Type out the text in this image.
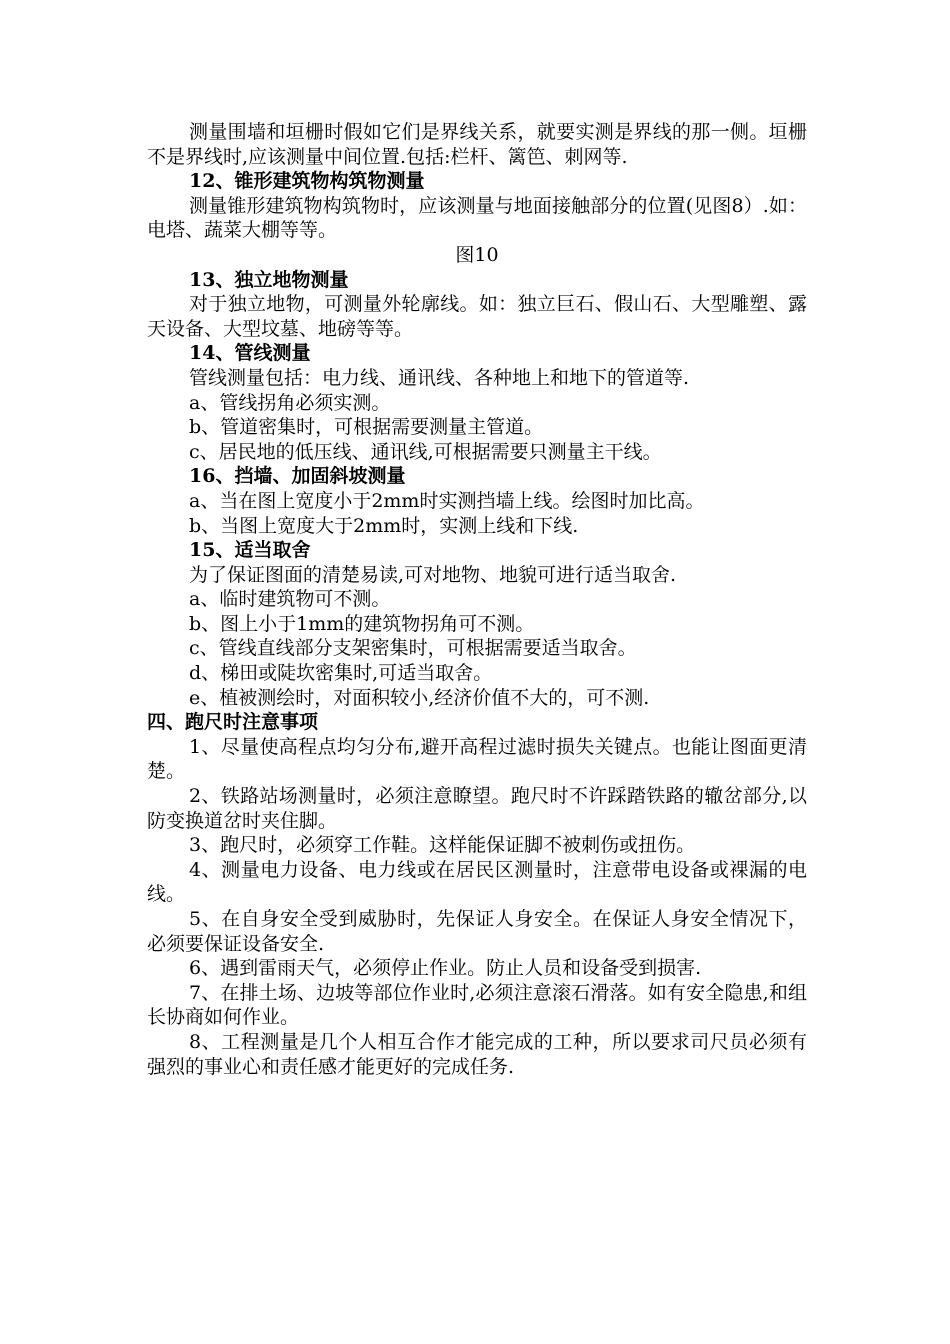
测量围墙和垣栅时假如它们是界线关系，就要实测是界线的那一侧。垣栅不是界线时,应该测量中间位置.包括:栏杆、篱笆、刺网等.

12、锥形建筑物构筑物测量

测量锥形建筑物构筑物时，应该测量与地面接触部分的位置(见图8）.如：电塔、蔬菜大棚等等。

图10

13、独立地物测量

对于独立地物，可测量外轮廓线。如：独立巨石、假山石、大型雕塑、露天设备、大型坟墓、地磅等等。

14、管线测量

管线测量包括：电力线、通讯线、各种地上和地下的管道等.

a、管线拐角必须实测。

b、管道密集时，可根据需要测量主管道。

c、居民地的低压线、通讯线,可根据需要只测量主干线。

16、挡墙、加固斜坡测量

a、当在图上宽度小于2mm时实测挡墙上线。绘图时加比高。

b、当图上宽度大于2mm时，实测上线和下线.

15、适当取舍

为了保证图面的清楚易读,可对地物、地貌可进行适当取舍.

a、临时建筑物可不测。

b、图上小于1mm的建筑物拐角可不测。

c、管线直线部分支架密集时，可根据需要适当取舍。

d、梯田或陡坎密集时,可适当取舍。

e、植被测绘时，对面积较小,经济价值不大的，可不测.

四、跑尺时注意事项

1、尽量使高程点均匀分布,避开高程过滤时损失关键点。也能让图面更清楚。

2、铁路站场测量时，必须注意瞭望。跑尺时不许踩踏铁路的辙岔部分,以防变换道岔时夹住脚。

3、跑尺时，必须穿工作鞋。这样能保证脚不被刺伤或扭伤。

4、测量电力设备、电力线或在居民区测量时，注意带电设备或裸漏的电线。

5、在自身安全受到威胁时，先保证人身安全。在保证人身安全情况下，必须要保证设备安全.

6、遇到雷雨天气，必须停止作业。防止人员和设备受到损害.

7、在排土场、边坡等部位作业时,必须注意滚石滑落。如有安全隐患,和组长协商如何作业。

8、工程测量是几个人相互合作才能完成的工种，所以要求司尺员必须有强烈的事业心和责任感才能更好的完成任务.
